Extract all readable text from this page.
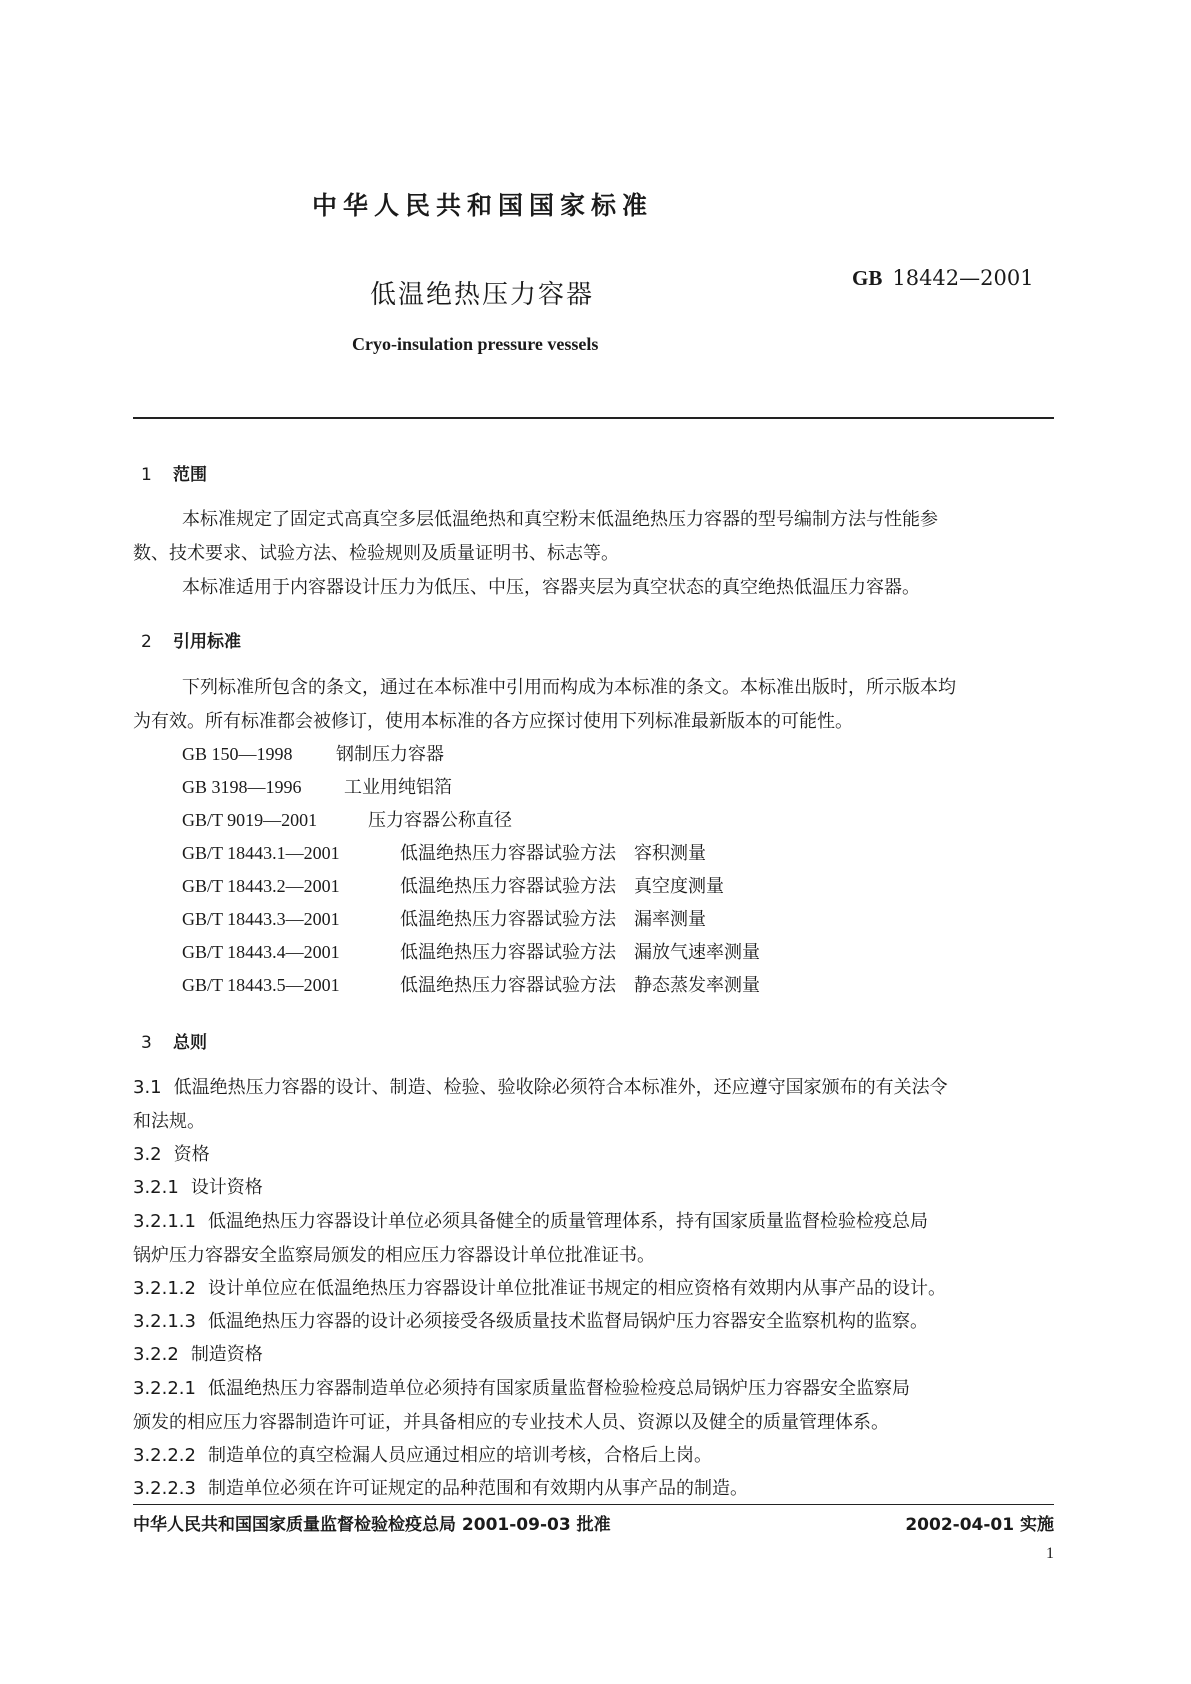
中华人民共和国国家标准
低温绝热压力容器
GB 18442—2001
Cryo-insulation pressure vessels
1 范围
本标准规定了固定式高真空多层低温绝热和真空粉末低温绝热压力容器的型号编制方法与性能参
数、技术要求、试验方法、检验规则及质量证明书、标志等。
本标准适用于内容器设计压力为低压、中压，容器夹层为真空状态的真空绝热低温压力容器。
2 引用标准
下列标准所包含的条文，通过在本标准中引用而构成为本标准的条文。本标准出版时，所示版本均
为有效。所有标准都会被修订，使用本标准的各方应探讨使用下列标准最新版本的可能性。
GB 150—1998 钢制压力容器
GB 3198—1996 工业用纯铝箔
GB/T 9019—2001	压力容器公称直径
GB/T 18443.1—2001	低温绝热压力容器试验方法　容积测量
GB/T 18443.2—2001	低温绝热压力容器试验方法　真空度测量
GB/T 18443.3—2001	低温绝热压力容器试验方法　漏率测量
GB/T 18443.4—2001	低温绝热压力容器试验方法　漏放气速率测量
GB/T 18443.5—2001	低温绝热压力容器试验方法　静态蒸发率测量
3 总则
3.1 低温绝热压力容器的设计、制造、检验、验收除必须符合本标准外，还应遵守国家颁布的有关法令
和法规。
3.2 资格
3.2.1 设计资格
3.2.1.1 低温绝热压力容器设计单位必须具备健全的质量管理体系，持有国家质量监督检验检疫总局
锅炉压力容器安全监察局颁发的相应压力容器设计单位批准证书。
3.2.1.2 设计单位应在低温绝热压力容器设计单位批准证书规定的相应资格有效期内从事产品的设计。
3.2.1.3 低温绝热压力容器的设计必须接受各级质量技术监督局锅炉压力容器安全监察机构的监察。
3.2.2 制造资格
3.2.2.1 低温绝热压力容器制造单位必须持有国家质量监督检验检疫总局锅炉压力容器安全监察局
颁发的相应压力容器制造许可证，并具备相应的专业技术人员、资源以及健全的质量管理体系。
3.2.2.2 制造单位的真空检漏人员应通过相应的培训考核，合格后上岗。
3.2.2.3 制造单位必须在许可证规定的品种范围和有效期内从事产品的制造。
中华人民共和国国家质量监督检验检疫总局 2001-09-03 批准	2002-04-01 实施
1
